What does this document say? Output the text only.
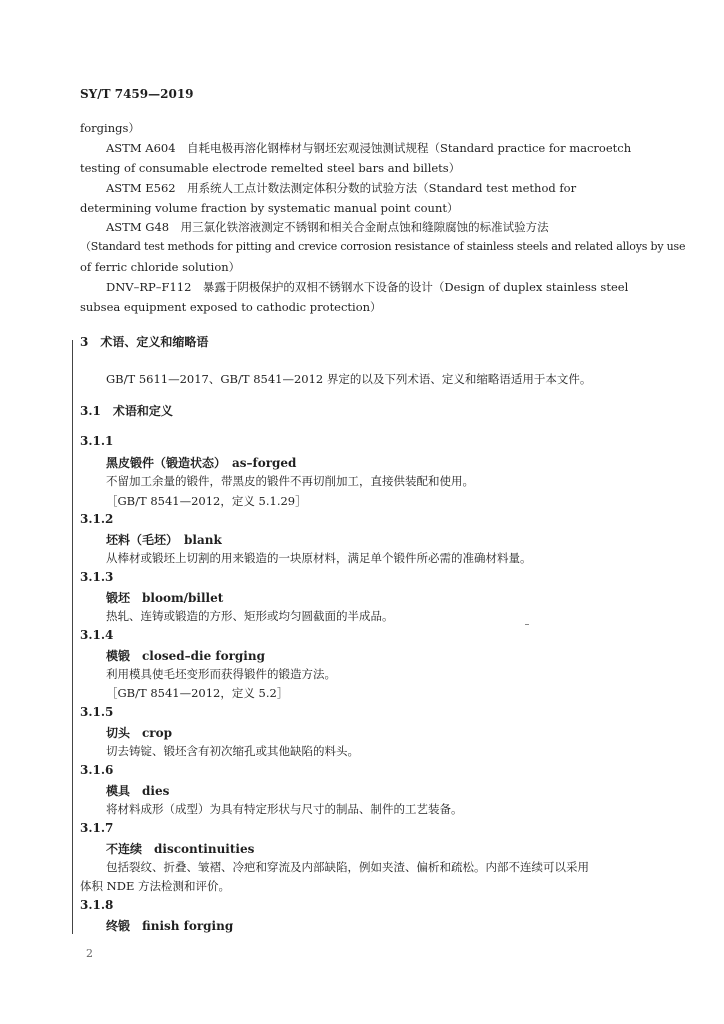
SY/T 7459—2019
forgings）
ASTM A604　自耗电极再溶化钢棒材与钢坯宏观浸蚀测试规程（Standard practice for macroetch
testing of consumable electrode remelted steel bars and billets）
ASTM E562　用系统人工点计数法测定体积分数的试验方法（Standard test method for
determining volume fraction by systematic manual point count）
ASTM G48　用三氯化铁溶液测定不锈钢和相关合金耐点蚀和缝隙腐蚀的标准试验方法
（Standard test methods for pitting and crevice corrosion resistance of stainless steels and related alloys by use
of ferric chloride solution）
DNV–RP–F112　暴露于阴极保护的双相不锈钢水下设备的设计（Design of duplex stainless steel
subsea equipment exposed to cathodic protection）
3　术语、定义和缩略语
GB/T 5611—2017、GB/T 8541—2012 界定的以及下列术语、定义和缩略语适用于本文件。
3.1　术语和定义
3.1.1
黑皮锻件（锻造状态）　as–forged
不留加工余量的锻件，带黑皮的锻件不再切削加工，直接供装配和使用。
［GB/T 8541—2012，定义 5.1.29］
3.1.2
坯料（毛坯）　blank
从棒材或锻坯上切割的用来锻造的一块原材料，满足单个锻件所必需的准确材料量。
3.1.3
锻坯　bloom/billet
热轧、连铸或锻造的方形、矩形或均匀圆截面的半成品。
3.1.4
模锻　closed–die forging
利用模具使毛坯变形而获得锻件的锻造方法。
［GB/T 8541—2012，定义 5.2］
3.1.5
切头　crop
切去铸锭、锻坯含有初次缩孔或其他缺陷的料头。
3.1.6
模具　dies
将材料成形（成型）为具有特定形状与尺寸的制品、制件的工艺装备。
3.1.7
不连续　discontinuities
包括裂纹、折叠、皱褶、冷疤和穿流及内部缺陷，例如夹渣、偏析和疏松。内部不连续可以采用
体积 NDE 方法检测和评价。
3.1.8
终锻　finish forging
2
